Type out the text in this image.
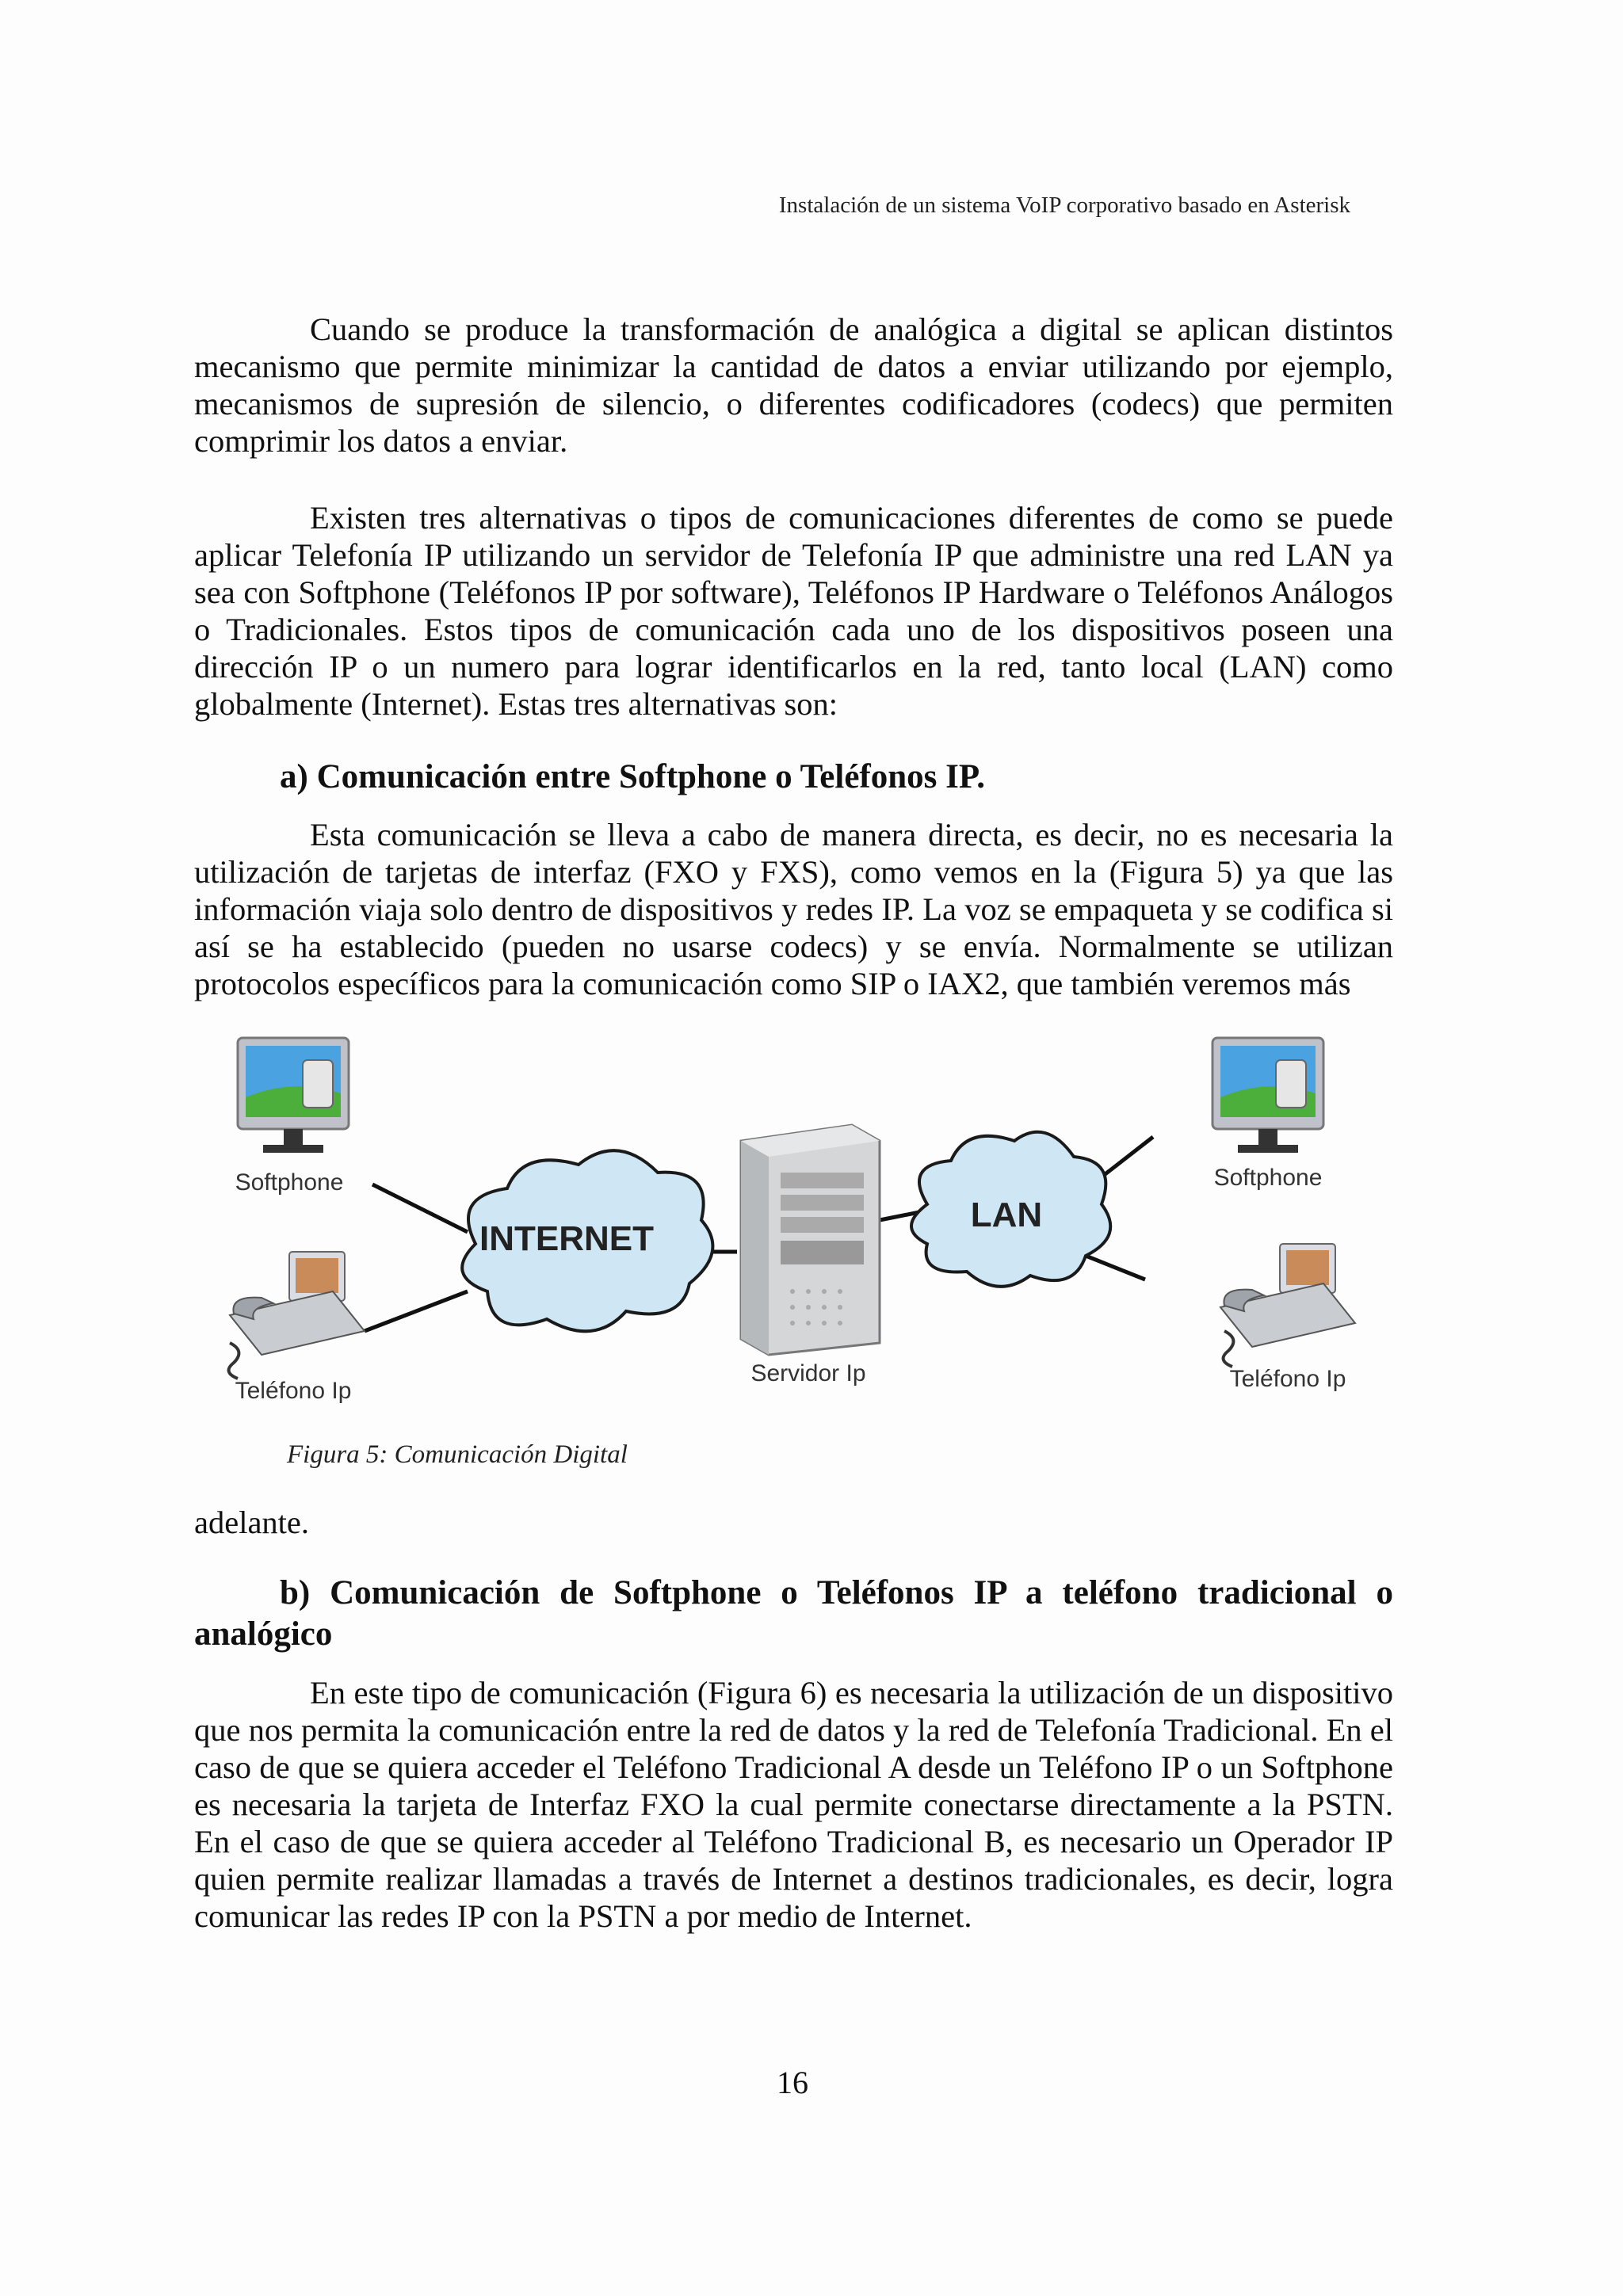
Instalación de un sistema VoIP corporativo basado en Asterisk
Cuando se produce la transformación de analógica a digital se aplican distintos mecanismo que permite minimizar la cantidad de datos a enviar utilizando por ejemplo, mecanismos de supresión de silencio, o diferentes codificadores (codecs) que permiten comprimir los datos a enviar.
Existen tres alternativas o tipos de comunicaciones diferentes de como se puede aplicar Telefonía IP utilizando un servidor de Telefonía IP que administre una red LAN ya sea con Softphone (Teléfonos IP por software), Teléfonos IP Hardware o Teléfonos Análogos o Tradicionales. Estos tipos de comunicación cada uno de los dispositivos poseen una dirección IP o un numero para lograr identificarlos en la red, tanto local (LAN) como globalmente (Internet). Estas tres alternativas son:
a) Comunicación entre Softphone o Teléfonos IP.
Esta comunicación se lleva a cabo de manera directa, es decir, no es necesaria la utilización de tarjetas de interfaz (FXO y FXS), como vemos en la (Figura 5) ya que las información viaja solo dentro de dispositivos y redes IP. La voz se empaqueta y se codifica si así se ha establecido (pueden no usarse codecs) y se envía. Normalmente se utilizan protocolos específicos para la comunicación como SIP o IAX2, que también veremos más
Softphone
Teléfono Ip
INTERNET
Servidor Ip
LAN
Softphone
Teléfono Ip
Figura 5: Comunicación Digital
adelante.
b) Comunicación de Softphone o Teléfonos IP a teléfono tradicional o analógico
En este tipo de comunicación (Figura 6) es necesaria la utilización de un dispositivo que nos permita la comunicación entre la red de datos y la red de Telefonía Tradicional. En el caso de que se quiera acceder el Teléfono Tradicional A desde un Teléfono IP o un Softphone es necesaria la tarjeta de Interfaz FXO la cual permite conectarse directamente a la PSTN. En el caso de que se quiera acceder al Teléfono Tradicional B, es necesario un Operador IP quien permite realizar llamadas a través de Internet a destinos tradicionales, es decir, logra comunicar las redes IP con la PSTN a por medio de Internet.
16
